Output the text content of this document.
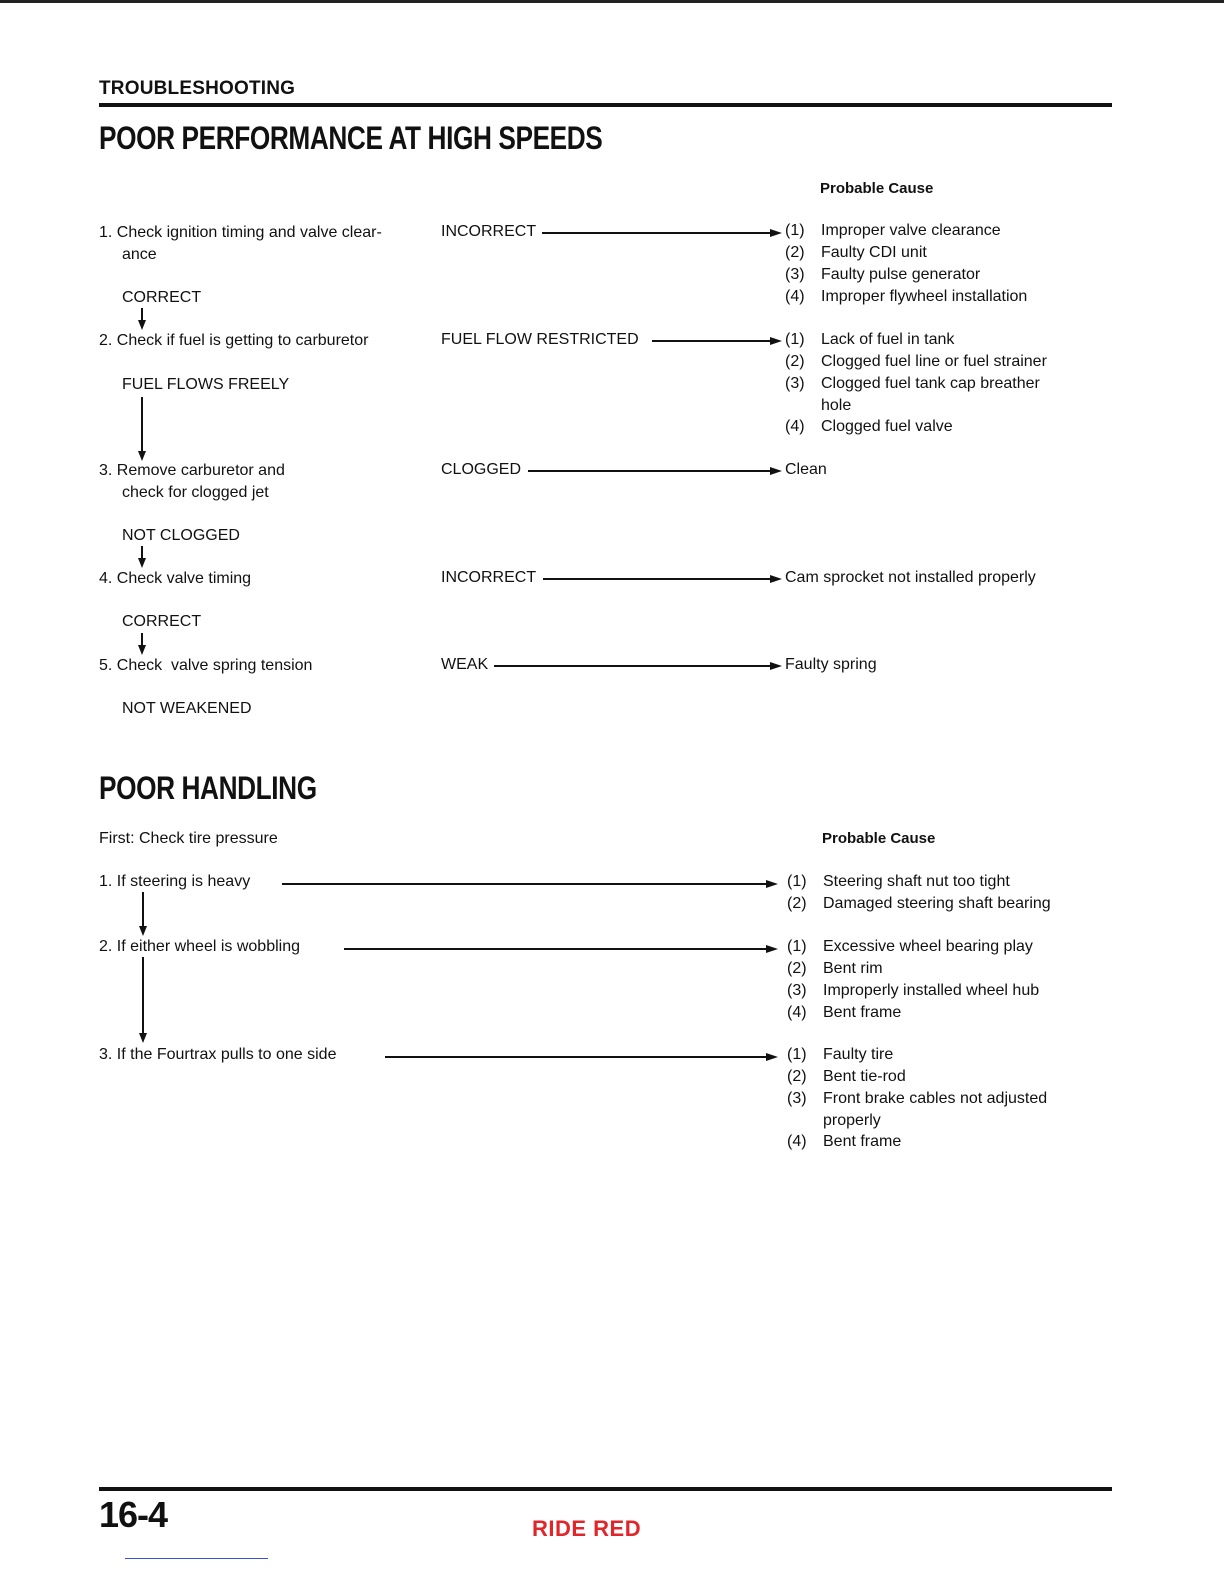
TROUBLESHOOTING
POOR PERFORMANCE AT HIGH SPEEDS
Probable Cause
1. Check ignition timing and valve clear-
ance
INCORRECT	(1) Improper valve clearance
(2) Faulty CDI unit
(3) Faulty pulse generator
(4) Improper flywheel installation
CORRECT
2. Check if fuel is getting to carburetor	FUEL FLOW RESTRICTED	(1) Lack of fuel in tank
(2) Clogged fuel line or fuel strainer
(3) Clogged fuel tank cap breather
hole
(4) Clogged fuel valve
FUEL FLOWS FREELY
3. Remove carburetor and
check for clogged jet
CLOGGED	Clean
NOT CLOGGED
4. Check valve timing	INCORRECT	Cam sprocket not installed properly
CORRECT
5. Check  valve spring tension	WEAK	Faulty spring
NOT WEAKENED
POOR HANDLING
First: Check tire pressure	Probable Cause
1. If steering is heavy	(1) Steering shaft nut too tight
(2) Damaged steering shaft bearing
2. If either wheel is wobbling	(1) Excessive wheel bearing play
(2) Bent rim
(3) Improperly installed wheel hub
(4) Bent frame
3. If the Fourtrax pulls to one side	(1) Faulty tire
(2) Bent tie-rod
(3) Front brake cables not adjusted
properly
(4) Bent frame
16-4	RIDE RED
